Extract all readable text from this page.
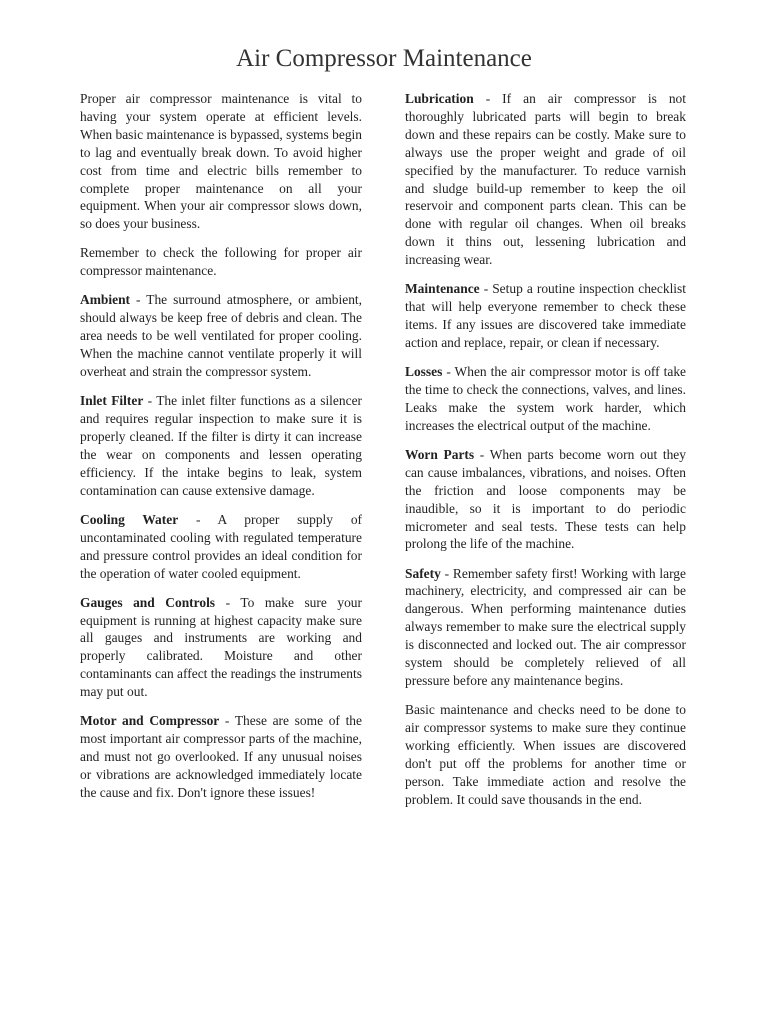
Air Compressor Maintenance

Proper air compressor maintenance is vital to having your system operate at efficient levels. When basic maintenance is bypassed, systems begin to lag and eventually break down. To avoid higher cost from time and electric bills remember to complete proper maintenance on all your equipment. When your air compressor slows down, so does your business.

Remember to check the following for proper air compressor maintenance.

Ambient - The surround atmosphere, or ambient, should always be keep free of debris and clean. The area needs to be well ventilated for proper cooling. When the machine cannot ventilate properly it will overheat and strain the compressor system.

Inlet Filter - The inlet filter functions as a silencer and requires regular inspection to make sure it is properly cleaned. If the filter is dirty it can increase the wear on components and lessen operating efficiency. If the intake begins to leak, system contamination can cause extensive damage.

Cooling Water - A proper supply of uncontaminated cooling with regulated temperature and pressure control provides an ideal condition for the operation of water cooled equipment.

Gauges and Controls - To make sure your equipment is running at highest capacity make sure all gauges and instruments are working and properly calibrated. Moisture and other contaminants can affect the readings the instruments may put out.

Motor and Compressor - These are some of the most important air compressor parts of the machine, and must not go overlooked. If any unusual noises or vibrations are acknowledged immediately locate the cause and fix. Don't ignore these issues!

Lubrication - If an air compressor is not thoroughly lubricated parts will begin to break down and these repairs can be costly. Make sure to always use the proper weight and grade of oil specified by the manufacturer. To reduce varnish and sludge build-up remember to keep the oil reservoir and component parts clean. This can be done with regular oil changes. When oil breaks down it thins out, lessening lubrication and increasing wear.

Maintenance - Setup a routine inspection checklist that will help everyone remember to check these items. If any issues are discovered take immediate action and replace, repair, or clean if necessary.

Losses - When the air compressor motor is off take the time to check the connections, valves, and lines. Leaks make the system work harder, which increases the electrical output of the machine.

Worn Parts - When parts become worn out they can cause imbalances, vibrations, and noises. Often the friction and loose components may be inaudible, so it is important to do periodic micrometer and seal tests. These tests can help prolong the life of the machine.

Safety - Remember safety first! Working with large machinery, electricity, and compressed air can be dangerous. When performing maintenance duties always remember to make sure the electrical supply is disconnected and locked out. The air compressor system should be completely relieved of all pressure before any maintenance begins.

Basic maintenance and checks need to be done to air compressor systems to make sure they continue working efficiently. When issues are discovered don't put off the problems for another time or person. Take immediate action and resolve the problem. It could save thousands in the end.
